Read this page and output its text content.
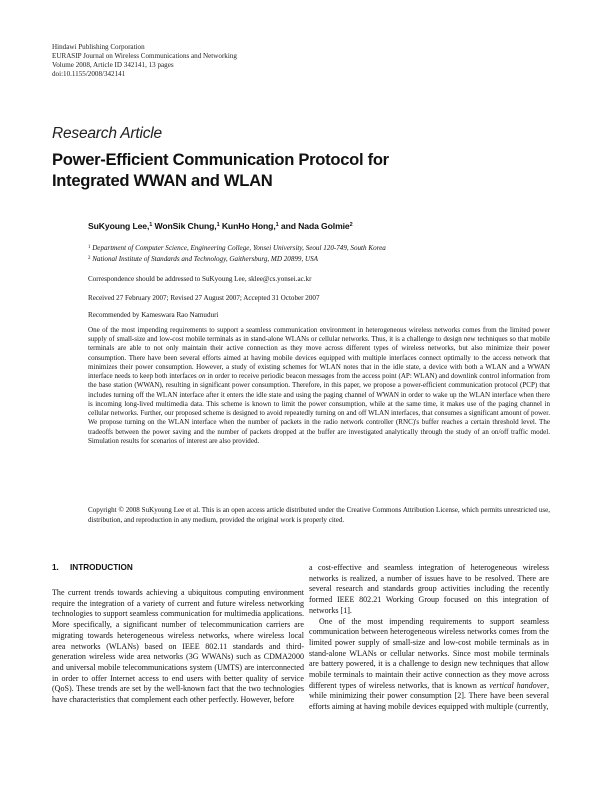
Hindawi Publishing Corporation
EURASIP Journal on Wireless Communications and Networking
Volume 2008, Article ID 342141, 13 pages
doi:10.1155/2008/342141
Research Article
Power-Efficient Communication Protocol for
Integrated WWAN and WLAN
SuKyoung Lee,$^1$ WonSik Chung,$^1$ KunHo Hong,$^1$ and Nada Golmie$^2$
$^1$ Department of Computer Science, Engineering College, Yonsei University, Seoul 120-749, South Korea
$^2$ National Institute of Standards and Technology, Gaithersburg, MD 20899, USA
Correspondence should be addressed to SuKyoung Lee, sklee@cs.yonsei.ac.kr
Received 27 February 2007; Revised 27 August 2007; Accepted 31 October 2007
Recommended by Kameswara Rao Namuduri
One of the most impending requirements to support a seamless communication environment in heterogeneous wireless networks comes from the limited power supply of small-size and low-cost mobile terminals as in stand-alone WLANs or cellular networks. Thus, it is a challenge to design new techniques so that mobile terminals are able to not only maintain their active connection as they move across different types of wireless networks, but also minimize their power consumption. There have been several efforts aimed at having mobile devices equipped with multiple interfaces connect optimally to the access network that minimizes their power consumption. However, a study of existing schemes for WLAN notes that in the idle state, a device with both a WLAN and a WWAN interface needs to keep both interfaces on in order to receive periodic beacon messages from the access point (AP: WLAN) and downlink control information from the base station (WWAN), resulting in significant power consumption. Therefore, in this paper, we propose a power-efficient communication protocol (PCP) that includes turning off the WLAN interface after it enters the idle state and using the paging channel of WWAN in order to wake up the WLAN interface when there is incoming long-lived multimedia data. This scheme is known to limit the power consumption, while at the same time, it makes use of the paging channel in cellular networks. Further, our proposed scheme is designed to avoid repeatedly turning on and off WLAN interfaces, that consumes a significant amount of power. We propose turning on the WLAN interface when the number of packets in the radio network controller (RNC)'s buffer reaches a certain threshold level. The tradeoffs between the power saving and the number of packets dropped at the buffer are investigated analytically through the study of an on/off traffic model. Simulation results for scenarios of interest are also provided.
Copyright © 2008 SuKyoung Lee et al. This is an open access article distributed under the Creative Commons Attribution License, which permits unrestricted use, distribution, and reproduction in any medium, provided the original work is properly cited.
1. INTRODUCTION

The current trends towards achieving a ubiquitous computing environment require the integration of a variety of current and future wireless networking technologies to support seamless communication for multimedia applications. More specifically, a significant number of telecommunication carriers are migrating towards heterogeneous wireless networks, where wireless local area networks (WLANs) based on IEEE 802.11 standards and third-generation wireless wide area networks (3G WWANs) such as CDMA2000 and universal mobile telecommunications system (UMTS) are interconnected in order to offer Internet access to end users with better quality of service (QoS). These trends are set by the well-known fact that the two technologies have characteristics that complement each other perfectly. However, before

a cost-effective and seamless integration of heterogeneous wireless networks is realized, a number of issues have to be resolved. There are several research and standards group activities including the recently formed IEEE 802.21 Working Group focused on this integration of networks [1].

One of the most impending requirements to support seamless communication between heterogeneous wireless networks comes from the limited power supply of small-size and low-cost mobile terminals as in stand-alone WLANs or cellular networks. Since most mobile terminals are battery powered, it is a challenge to design new techniques that allow mobile terminals to maintain their active connection as they move across different types of wireless networks, that is known as vertical handover, while minimizing their power consumption [2]. There have been several efforts aiming at having mobile devices equipped with multiple (currently,
